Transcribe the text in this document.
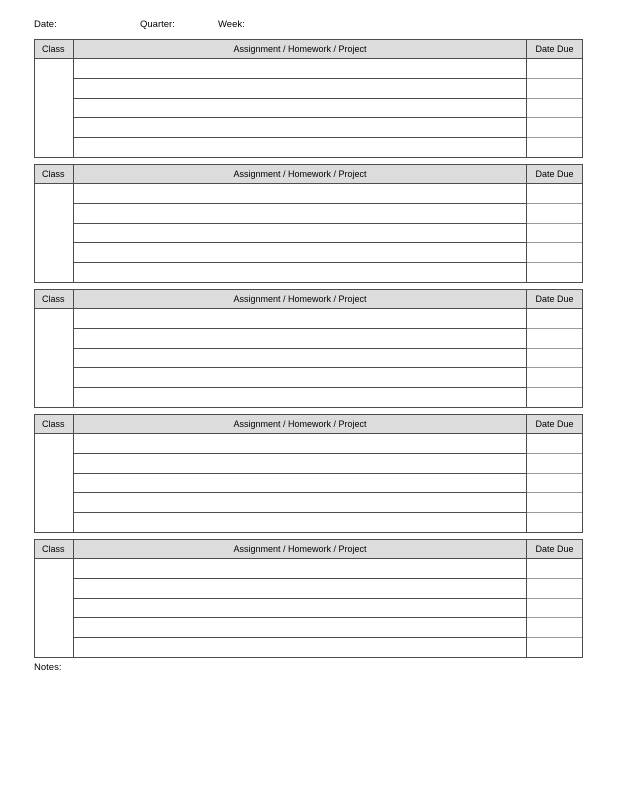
Date:	Quarter:	Week:
Class	Assignment / Homework / Project	Date Due
Class	Assignment / Homework / Project	Date Due
Class	Assignment / Homework / Project	Date Due
Class	Assignment / Homework / Project	Date Due
Class	Assignment / Homework / Project	Date Due
Notes:
